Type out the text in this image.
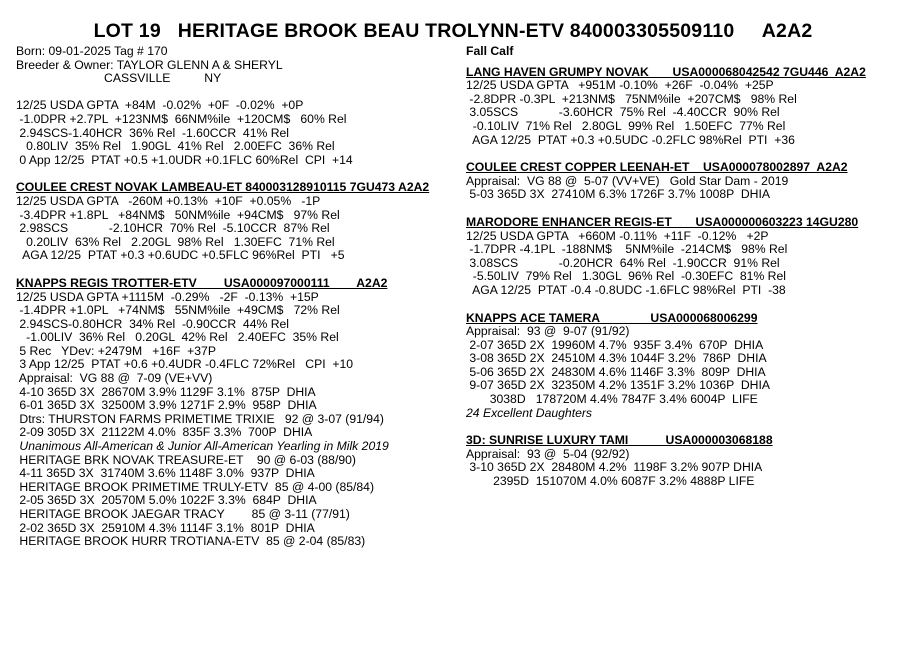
LOT 19   HERITAGE BROOK BEAU TROLYNN-ETV 840003305509110     A2A2
Born: 09-01-2025 Tag # 170
Breeder & Owner: TAYLOR GLENN A & SHERYL
CASSVILLE          NY
12/25 USDA GPTA  +84M  -0.02%  +0F  -0.02%  +0P
-1.0DPR +2.7PL  +123NM$  66NM%ile  +120CM$   60% Rel
2.94SCS-1.40HCR  36% Rel  -1.60CCR  41% Rel
0.80LIV  35% Rel   1.90GL  41% Rel   2.00EFC  36% Rel
0 App 12/25  PTAT +0.5 +1.0UDR +0.1FLC 60%Rel  CPI  +14
COULEE CREST NOVAK LAMBEAU-ET 840003128910115 7GU473 A2A2
12/25 USDA GPTA   -260M +0.13%  +10F  +0.05%   -1P
-3.4DPR +1.8PL   +84NM$   50NM%ile  +94CM$   97% Rel
2.98SCS            -2.10HCR  70% Rel  -5.10CCR  87% Rel
0.20LIV  63% Rel   2.20GL  98% Rel   1.30EFC  71% Rel
AGA 12/25  PTAT +0.3 +0.6UDC +0.5FLC 96%Rel  PTI   +5
KNAPPS REGIS TROTTER-ETV        USA000097000111        A2A2
12/25 USDA GPTA +1115M  -0.29%   -2F  -0.13%  +15P
-1.4DPR +1.0PL   +74NM$   55NM%ile  +49CM$   72% Rel
2.94SCS-0.80HCR  34% Rel  -0.90CCR  44% Rel
-1.00LIV  36% Rel   0.20GL  42% Rel   2.40EFC  35% Rel
5 Rec   YDev: +2479M   +16F  +37P
3 App 12/25  PTAT +0.6 +0.4UDR -0.4FLC 72%Rel   CPI  +10
Appraisal:  VG 88 @  7-09 (VE+VV)
4-10 365D 3X  28670M 3.9% 1129F 3.1%  875P  DHIA
6-01 365D 3X  32500M 3.9% 1271F 2.9%  958P  DHIA
Dtrs: THURSTON FARMS PRIMETIME TRIXIE   92 @ 3-07 (91/94)
2-09 305D 3X  21122M 4.0%  835F 3.3%  700P  DHIA
Unanimous All-American & Junior All-American Yearling in Milk 2019
HERITAGE BRK NOVAK TREASURE-ET    90 @ 6-03 (88/90)
4-11 365D 3X  31740M 3.6% 1148F 3.0%  937P  DHIA
HERITAGE BROOK PRIMETIME TRULY-ETV  85 @ 4-00 (85/84)
2-05 365D 3X  20570M 5.0% 1022F 3.3%  684P  DHIA
HERITAGE BROOK JAEGAR TRACY        85 @ 3-11 (77/91)
2-02 365D 3X  25910M 4.3% 1114F 3.1%  801P  DHIA
HERITAGE BROOK HURR TROTIANA-ETV  85 @ 2-04 (85/83)
Fall Calf
LANG HAVEN GRUMPY NOVAK       USA000068042542 7GU446  A2A2
12/25 USDA GPTA   +951M -0.10%  +26F  -0.04%  +25P
-2.8DPR -0.3PL  +213NM$   75NM%ile  +207CM$   98% Rel
3.05SCS            -3.60HCR  75% Rel  -4.40CCR  90% Rel
-0.10LIV  71% Rel   2.80GL  99% Rel   1.50EFC  77% Rel
AGA 12/25  PTAT +0.3 +0.5UDC -0.2FLC 98%Rel  PTI  +36
COULEE CREST COPPER LEENAH-ET    USA000078002897  A2A2
Appraisal:  VG 88 @  5-07 (VV+VE)   Gold Star Dam - 2019
5-03 365D 3X  27410M 6.3% 1726F 3.7% 1008P  DHIA
MARODORE ENHANCER REGIS-ET       USA000000603223 14GU280
12/25 USDA GPTA   +660M -0.11%  +11F  -0.12%   +2P
-1.7DPR -4.1PL  -188NM$    5NM%ile  -214CM$   98% Rel
3.08SCS            -0.20HCR  64% Rel  -1.90CCR  91% Rel
-5.50LIV  79% Rel   1.30GL  96% Rel  -0.30EFC  81% Rel
AGA 12/25  PTAT -0.4 -0.8UDC -1.6FLC 98%Rel  PTI  -38
KNAPPS ACE TAMERA               USA000068006299
Appraisal:  93 @  9-07 (91/92)
2-07 365D 2X  19960M 4.7%  935F 3.4%  670P  DHIA
3-08 365D 2X  24510M 4.3% 1044F 3.2%  786P  DHIA
5-06 365D 2X  24830M 4.6% 1146F 3.3%  809P  DHIA
9-07 365D 2X  32350M 4.2% 1351F 3.2% 1036P  DHIA
3038D   178720M 4.4% 7847F 3.4% 6004P  LIFE
24 Excellent Daughters
3D: SUNRISE LUXURY TAMI           USA000003068188
Appraisal:  93 @  5-04 (92/92)
3-10 365D 2X  28480M 4.2%  1198F 3.2% 907P DHIA
2395D  151070M 4.0% 6087F 3.2% 4888P LIFE
